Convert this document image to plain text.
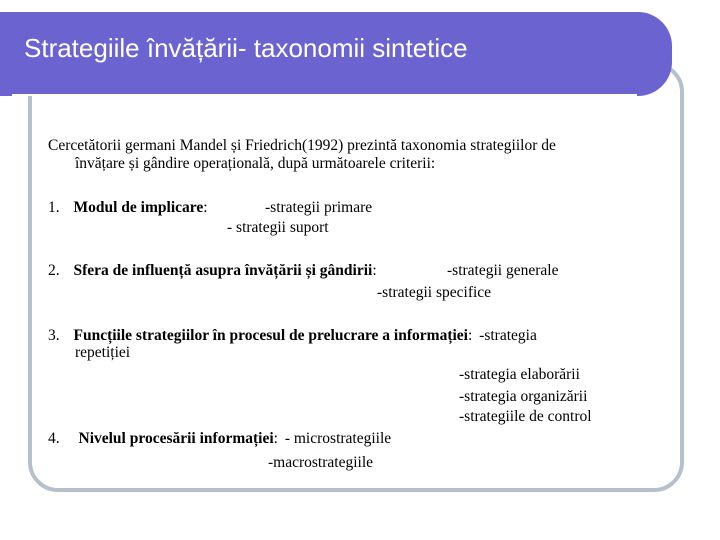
Strategiile învățării- taxonomii sintetice
Cercetătorii germani Mandel și Friedrich(1992) prezintă taxonomia strategiilor de
învățare și gândire operațională, după următoarele criterii:
1. Modul de implicare:	-strategii primare
- strategii suport
2. Sfera de influență asupra învățării și gândirii:	-strategii generale
-strategii specifice
3. Funcțiile strategiilor în procesul de prelucrare a informației: -strategia
repetiției
-strategia elaborării
-strategia organizării
-strategiile de control
4. Nivelul procesării informației: - microstrategiile
-macrostrategiile
